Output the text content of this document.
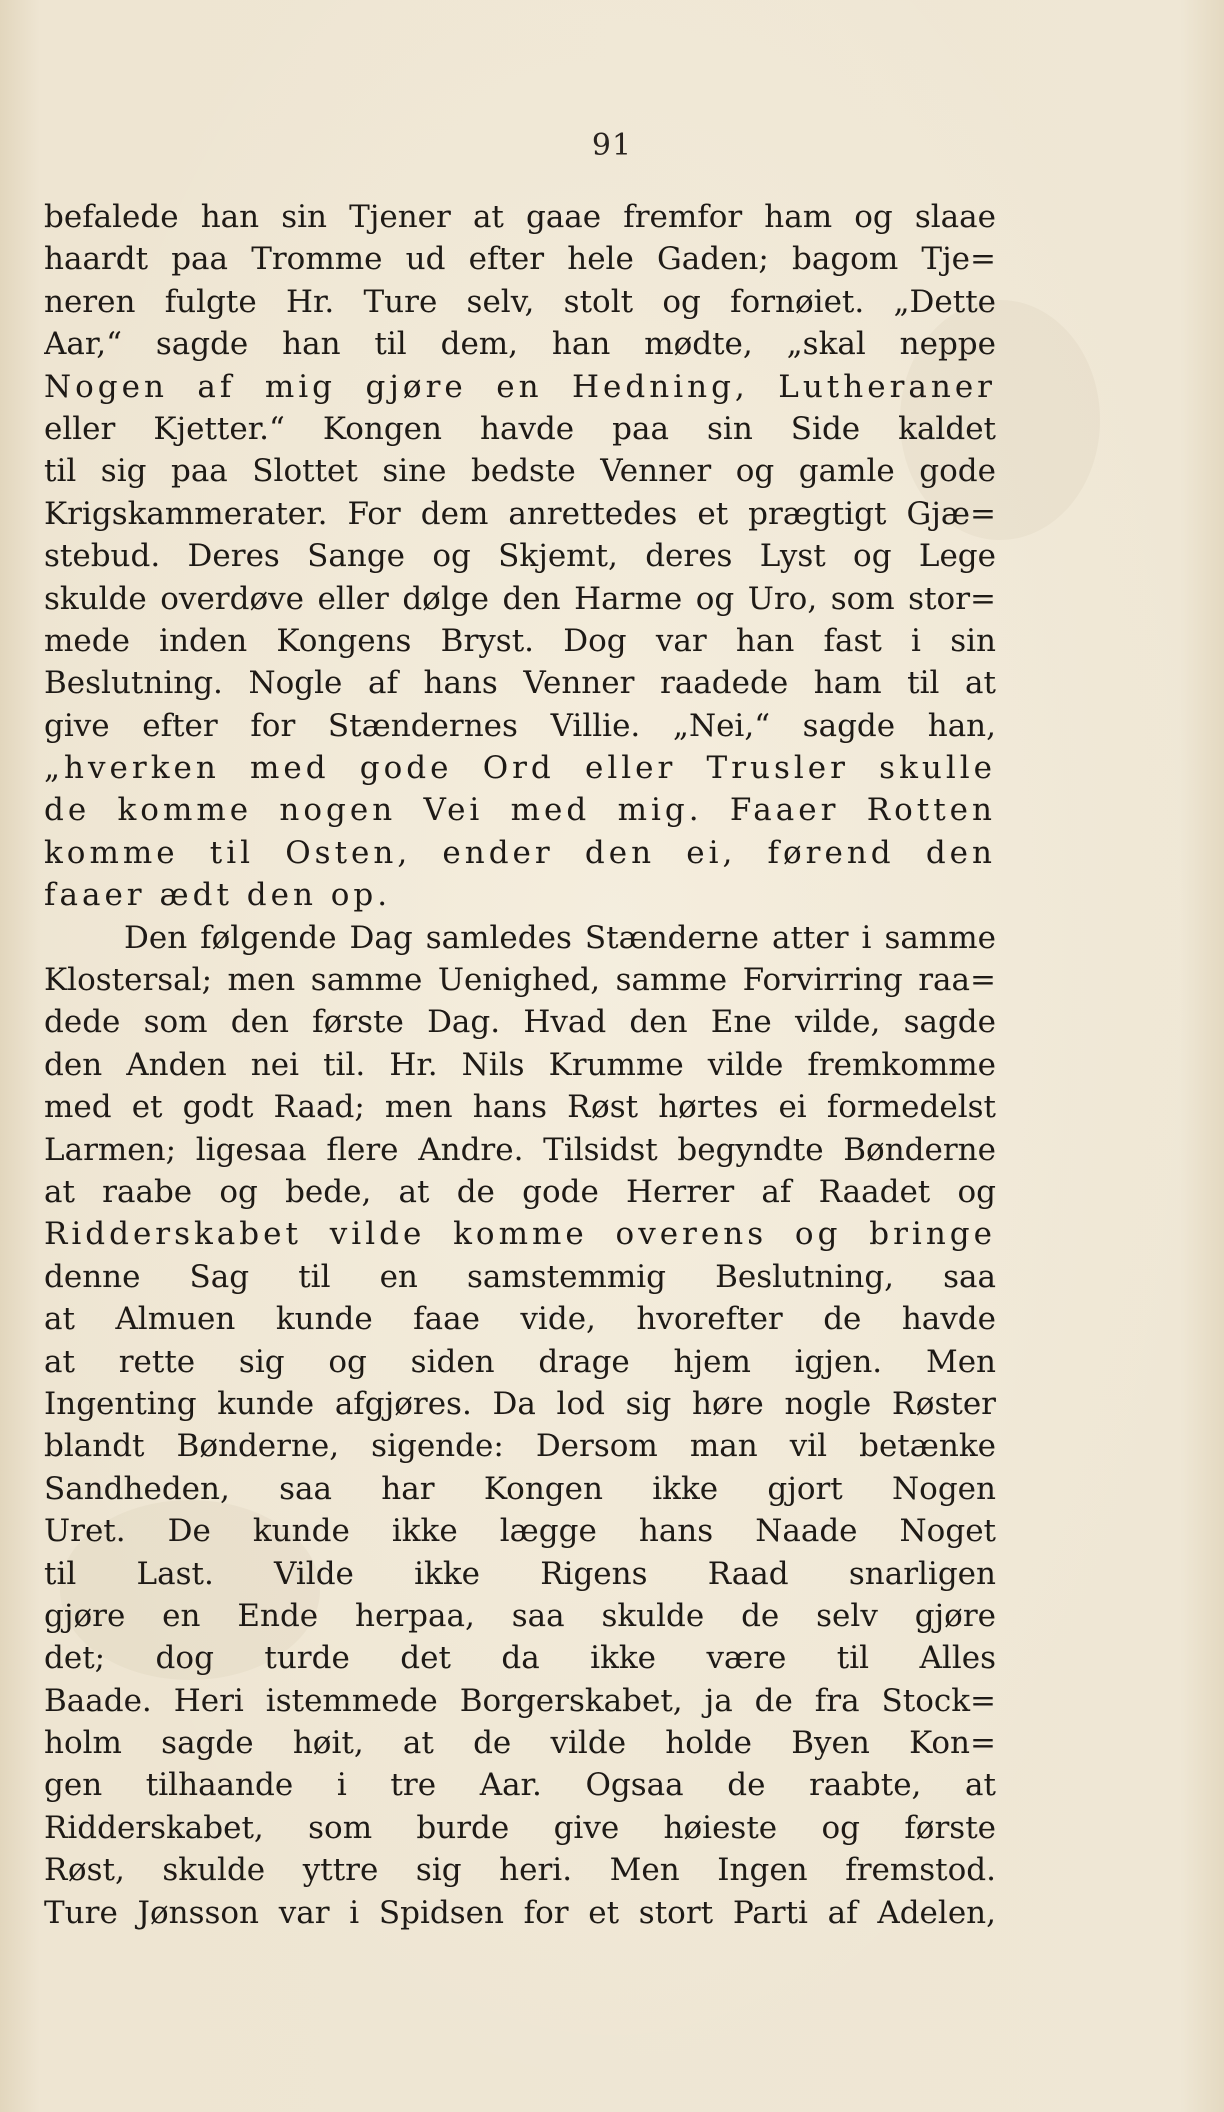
91
befalede han sin Tjener at gaae fremfor ham og slaae
haardt paa Tromme ud efter hele Gaden; bagom Tje=
neren fulgte Hr. Ture selv, stolt og fornøiet. „Dette
Aar,“ sagde han til dem, han mødte, „skal neppe
Nogen af mig gjøre en Hedning, Lutheraner
eller Kjetter.“ Kongen havde paa sin Side kaldet
til sig paa Slottet sine bedste Venner og gamle gode
Krigskammerater. For dem anrettedes et prægtigt Gjæ=
stebud. Deres Sange og Skjemt, deres Lyst og Lege
skulde overdøve eller dølge den Harme og Uro, som stor=
mede inden Kongens Bryst. Dog var han fast i sin
Beslutning. Nogle af hans Venner raadede ham til at
give efter for Stændernes Villie. „Nei,“ sagde han,
„hverken med gode Ord eller Trusler skulle
de komme nogen Vei med mig. Faaer Rotten
komme til Osten, ender den ei, førend den
faaer ædt den op.
Den følgende Dag samledes Stænderne atter i samme
Klostersal; men samme Uenighed, samme Forvirring raa=
dede som den første Dag. Hvad den Ene vilde, sagde
den Anden nei til. Hr. Nils Krumme vilde fremkomme
med et godt Raad; men hans Røst hørtes ei formedelst
Larmen; ligesaa flere Andre. Tilsidst begyndte Bønderne
at raabe og bede, at de gode Herrer af Raadet og
Ridderskabet vilde komme overens og bringe
denne Sag til en samstemmig Beslutning, saa
at Almuen kunde faae vide, hvorefter de havde
at rette sig og siden drage hjem igjen. Men
Ingenting kunde afgjøres. Da lod sig høre nogle Røster
blandt Bønderne, sigende: Dersom man vil betænke
Sandheden, saa har Kongen ikke gjort Nogen
Uret. De kunde ikke lægge hans Naade Noget
til Last. Vilde ikke Rigens Raad snarligen
gjøre en Ende herpaa, saa skulde de selv gjøre
det; dog turde det da ikke være til Alles
Baade. Heri istemmede Borgerskabet, ja de fra Stock=
holm sagde høit, at de vilde holde Byen Kon=
gen tilhaande i tre Aar. Ogsaa de raabte, at
Ridderskabet, som burde give høieste og første
Røst, skulde yttre sig heri. Men Ingen fremstod.
Ture Jønsson var i Spidsen for et stort Parti af Adelen,
